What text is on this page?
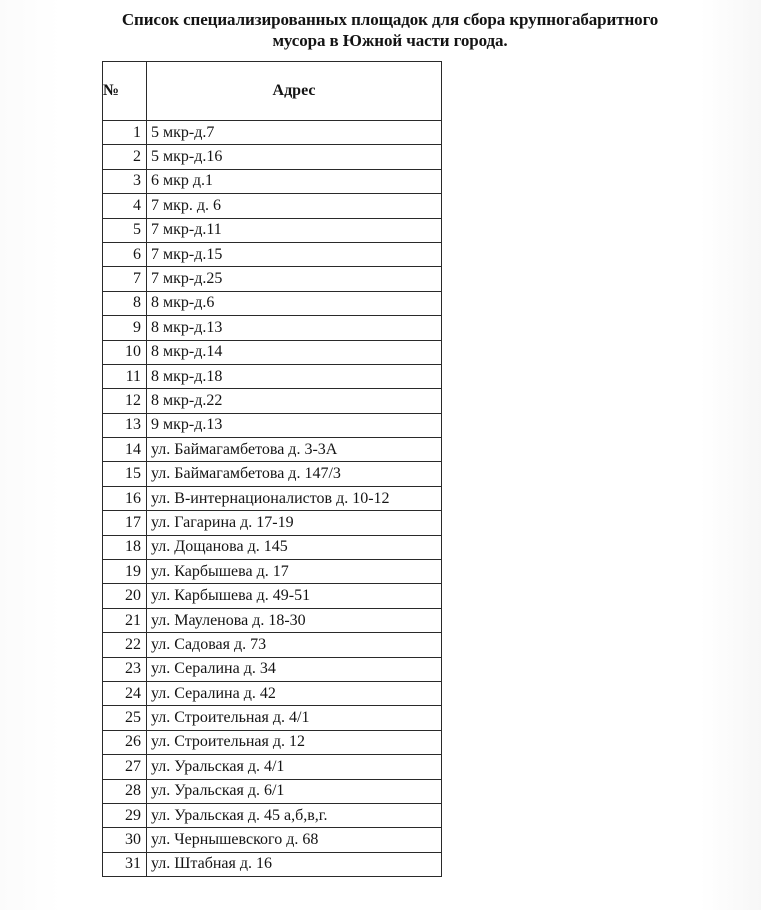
Список специализированных площадок для сбора крупногабаритного
мусора в Южной части города.
№	Адрес
1	5 мкр-д.7
2	5 мкр-д.16
3	6 мкр д.1
4	7 мкр. д. 6
5	7 мкр-д.11
6	7 мкр-д.15
7	7 мкр-д.25
8	8 мкр-д.6
9	8 мкр-д.13
10	8 мкр-д.14
11	8 мкр-д.18
12	8 мкр-д.22
13	9 мкр-д.13
14	ул. Баймагамбетова д. 3-3А
15	ул. Баймагамбетова д. 147/3
16	ул. В-интернационалистов д. 10-12
17	ул. Гагарина д. 17-19
18	ул. Дощанова д. 145
19	ул. Карбышева д. 17
20	ул. Карбышева д. 49-51
21	ул. Мауленова д. 18-30
22	ул. Садовая д. 73
23	ул. Сералина д. 34
24	ул. Сералина д. 42
25	ул. Строительная д. 4/1
26	ул. Строительная д. 12
27	ул. Уральская д. 4/1
28	ул. Уральская д. 6/1
29	ул. Уральская д. 45 а,б,в,г.
30	ул. Чернышевского д. 68
31	ул. Штабная д. 16
